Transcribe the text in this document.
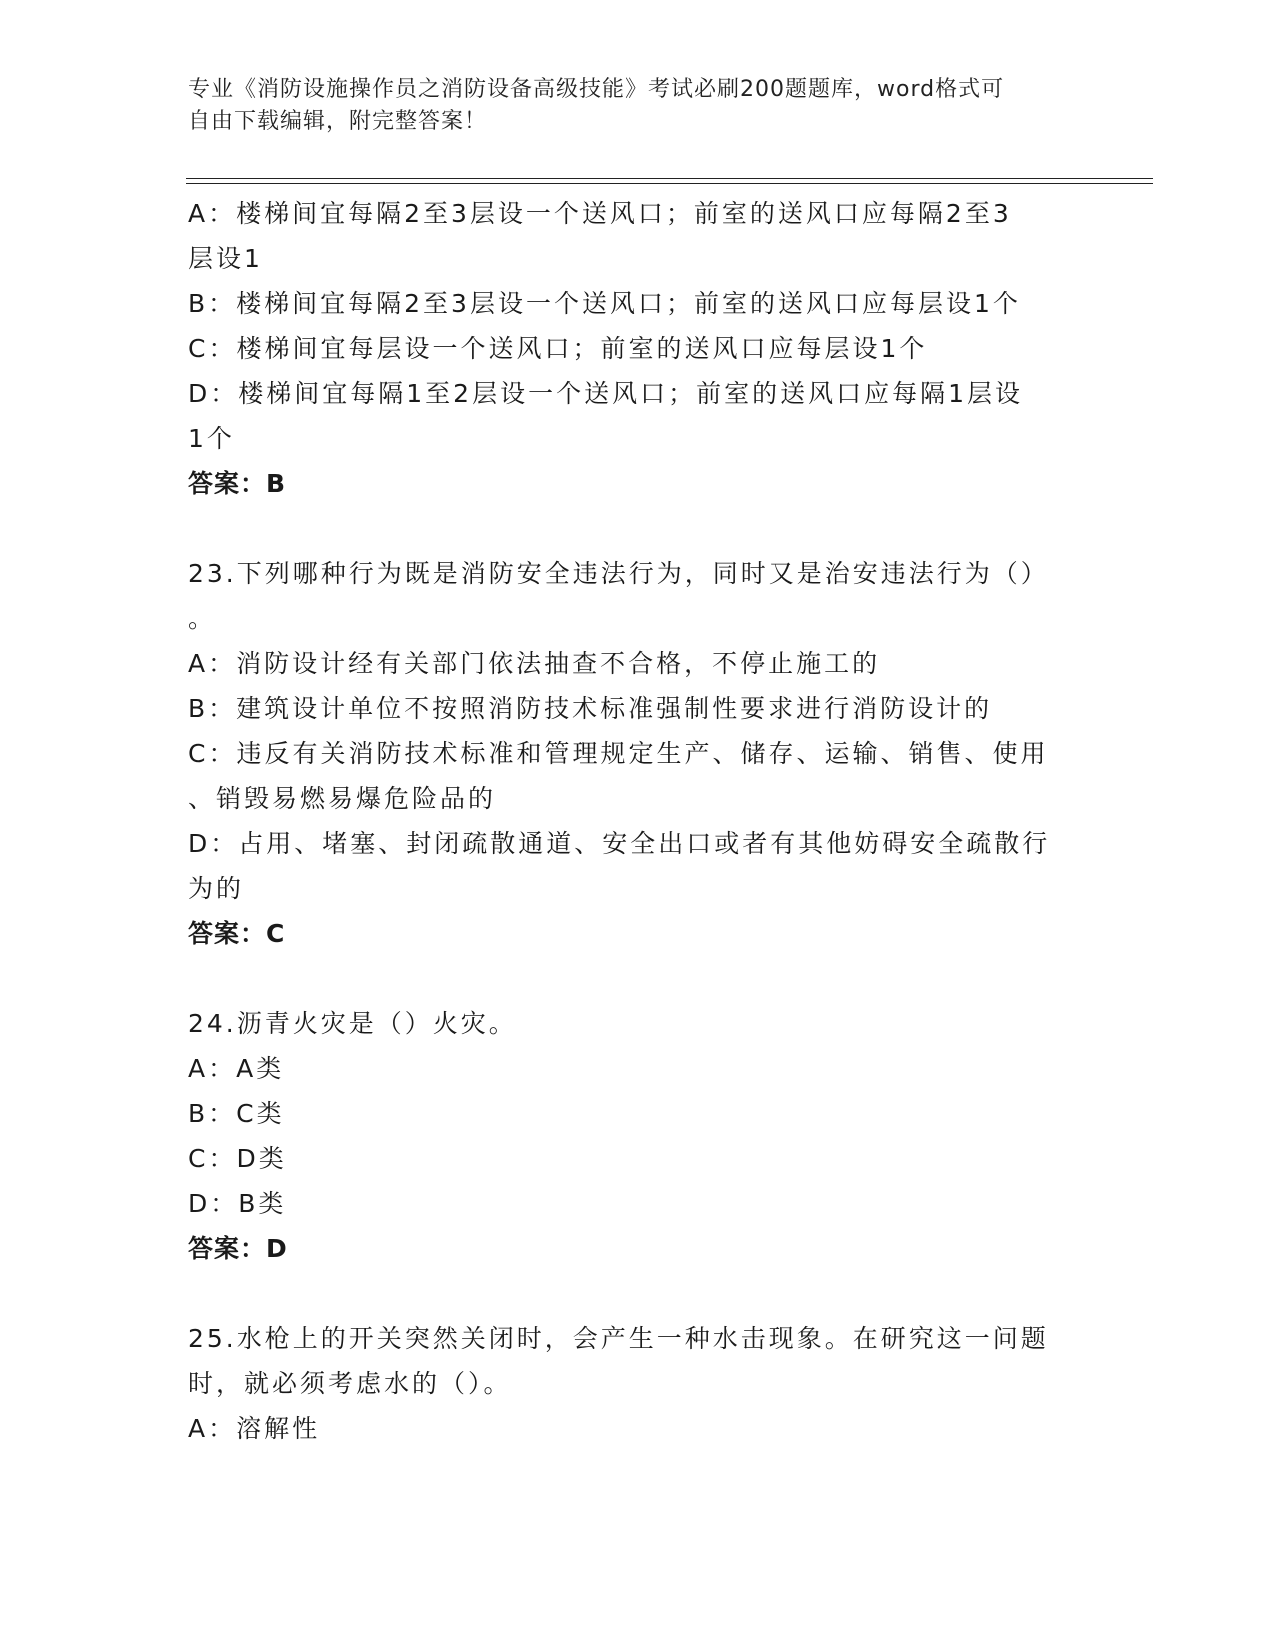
专业《消防设施操作员之消防设备高级技能》考试必刷200题题库，word格式可
自由下载编辑，附完整答案！
A：楼梯间宜每隔2至3层设一个送风口；前室的送风口应每隔2至3
层设1
B：楼梯间宜每隔2至3层设一个送风口；前室的送风口应每层设1个
C：楼梯间宜每层设一个送风口；前室的送风口应每层设1个
D：楼梯间宜每隔1至2层设一个送风口；前室的送风口应每隔1层设
1个
答案：B
23.下列哪种行为既是消防安全违法行为，同时又是治安违法行为（）
。
A：消防设计经有关部门依法抽查不合格，不停止施工的
B：建筑设计单位不按照消防技术标准强制性要求进行消防设计的
C：违反有关消防技术标准和管理规定生产、储存、运输、销售、使用
、销毁易燃易爆危险品的
D：占用、堵塞、封闭疏散通道、安全出口或者有其他妨碍安全疏散行
为的
答案：C
24.沥青火灾是（）火灾。
A：A类
B：C类
C：D类
D：B类
答案：D
25.水枪上的开关突然关闭时，会产生一种水击现象。在研究这一问题
时，就必须考虑水的（）。
A：溶解性
